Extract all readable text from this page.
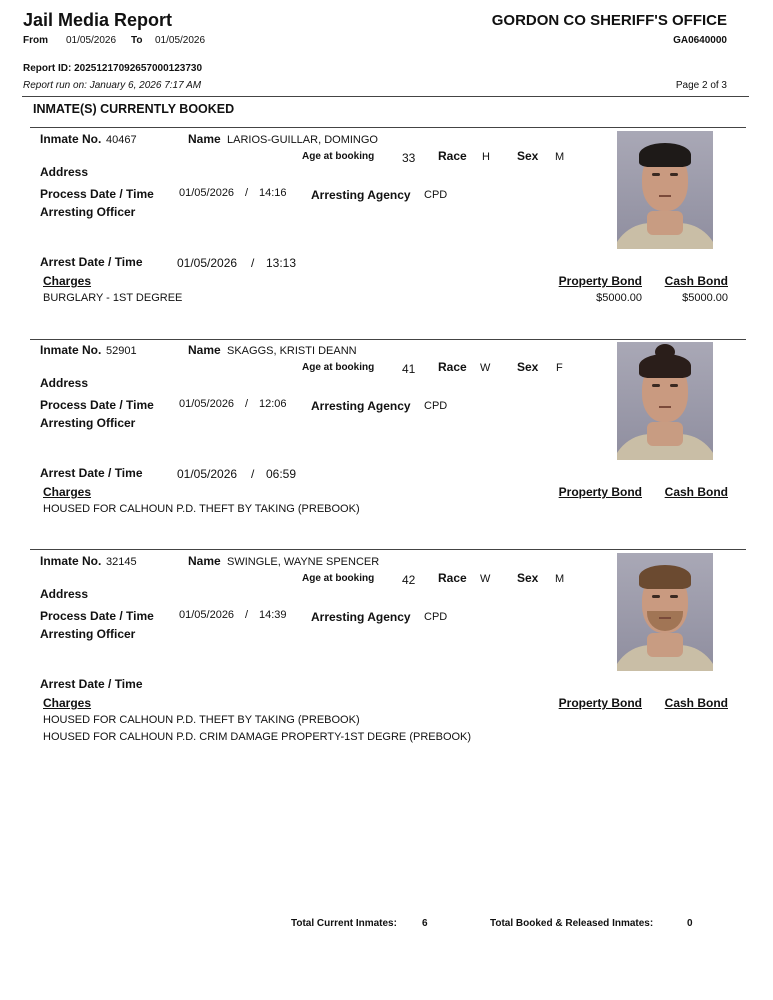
Jail Media Report
From 01/05/2026 To 01/05/2026
GORDON CO SHERIFF'S OFFICE
GA0640000
Report ID: 20251217092657000123730
Report run on: January 6, 2026 7:17 AM	Page 2 of 3
INMATE(S) CURRENTLY BOOKED
Inmate No. 40467	Name LARIOS-GUILLAR, DOMINGO
Age at booking 33 Race H Sex M
Address
Process Date / Time 01/05/2026 / 14:16 Arresting Agency CPD
Arresting Officer
Arrest Date / Time	01/05/2026 / 13:13
Charges	Property Bond Cash Bond
BURGLARY - 1ST DEGREE	$5000.00	$5000.00
Inmate No. 52901	Name SKAGGS, KRISTI DEANN
Age at booking 41 Race W Sex F
Address
Process Date / Time 01/05/2026 / 12:06 Arresting Agency CPD
Arresting Officer
Arrest Date / Time	01/05/2026 / 06:59
Charges	Property Bond Cash Bond
HOUSED FOR CALHOUN P.D. THEFT BY TAKING (PREBOOK)
Inmate No. 32145	Name SWINGLE, WAYNE SPENCER
Age at booking 42 Race W Sex M
Address
Process Date / Time 01/05/2026 / 14:39 Arresting Agency CPD
Arresting Officer
Arrest Date / Time
Charges	Property Bond Cash Bond
HOUSED FOR CALHOUN P.D. THEFT BY TAKING (PREBOOK)
HOUSED FOR CALHOUN P.D. CRIM DAMAGE PROPERTY-1ST DEGRE (PREBOOK)
Total Current Inmates:	6	Total Booked & Released Inmates:	0
